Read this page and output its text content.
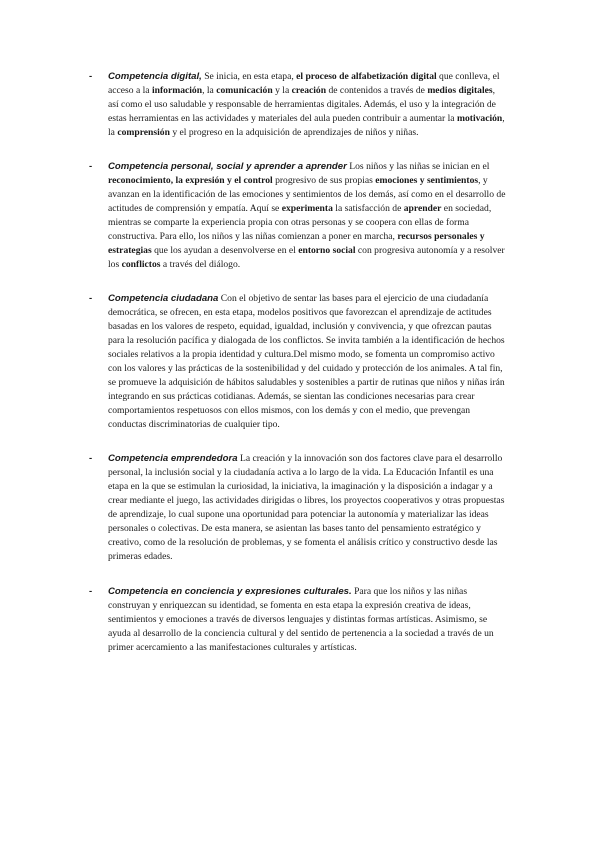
- Competencia digital, Se inicia, en esta etapa, el proceso de alfabetización digital que conlleva, el acceso a la información, la comunicación y la creación de contenidos a través de medios digitales, así como el uso saludable y responsable de herramientas digitales. Además, el uso y la integración de estas herramientas en las actividades y materiales del aula pueden contribuir a aumentar la motivación, la comprensión y el progreso en la adquisición de aprendizajes de niños y niñas.

- Competencia personal, social y aprender a aprender Los niños y las niñas se inician en el reconocimiento, la expresión y el control progresivo de sus propias emociones y sentimientos, y avanzan en la identificación de las emociones y sentimientos de los demás, así como en el desarrollo de actitudes de comprensión y empatía. Aquí se experimenta la satisfacción de aprender en sociedad, mientras se comparte la experiencia propia con otras personas y se coopera con ellas de forma constructiva. Para ello, los niños y las niñas comienzan a poner en marcha, recursos personales y estrategias que los ayudan a desenvolverse en el entorno social con progresiva autonomía y a resolver los conflictos a través del diálogo.

- Competencia ciudadana Con el objetivo de sentar las bases para el ejercicio de una ciudadanía democrática, se ofrecen, en esta etapa, modelos positivos que favorezcan el aprendizaje de actitudes basadas en los valores de respeto, equidad, igualdad, inclusión y convivencia, y que ofrezcan pautas para la resolución pacífica y dialogada de los conflictos. Se invita también a la identificación de hechos sociales relativos a la propia identidad y cultura.Del mismo modo, se fomenta un compromiso activo con los valores y las prácticas de la sostenibilidad y del cuidado y protección de los animales. A tal fin, se promueve la adquisición de hábitos saludables y sostenibles a partir de rutinas que niños y niñas irán integrando en sus prácticas cotidianas. Además, se sientan las condiciones necesarias para crear comportamientos respetuosos con ellos mismos, con los demás y con el medio, que prevengan conductas discriminatorias de cualquier tipo.

- Competencia emprendedora La creación y la innovación son dos factores clave para el desarrollo personal, la inclusión social y la ciudadanía activa a lo largo de la vida. La Educación Infantil es una etapa en la que se estimulan la curiosidad, la iniciativa, la imaginación y la disposición a indagar y a crear mediante el juego, las actividades dirigidas o libres, los proyectos cooperativos y otras propuestas de aprendizaje, lo cual supone una oportunidad para potenciar la autonomía y materializar las ideas personales o colectivas. De esta manera, se asientan las bases tanto del pensamiento estratégico y creativo, como de la resolución de problemas, y se fomenta el análisis crítico y constructivo desde las primeras edades.

- Competencia en conciencia y expresiones culturales. Para que los niños y las niñas construyan y enriquezcan su identidad, se fomenta en esta etapa la expresión creativa de ideas, sentimientos y emociones a través de diversos lenguajes y distintas formas artísticas. Asimismo, se ayuda al desarrollo de la conciencia cultural y del sentido de pertenencia a la sociedad a través de un primer acercamiento a las manifestaciones culturales y artísticas.
